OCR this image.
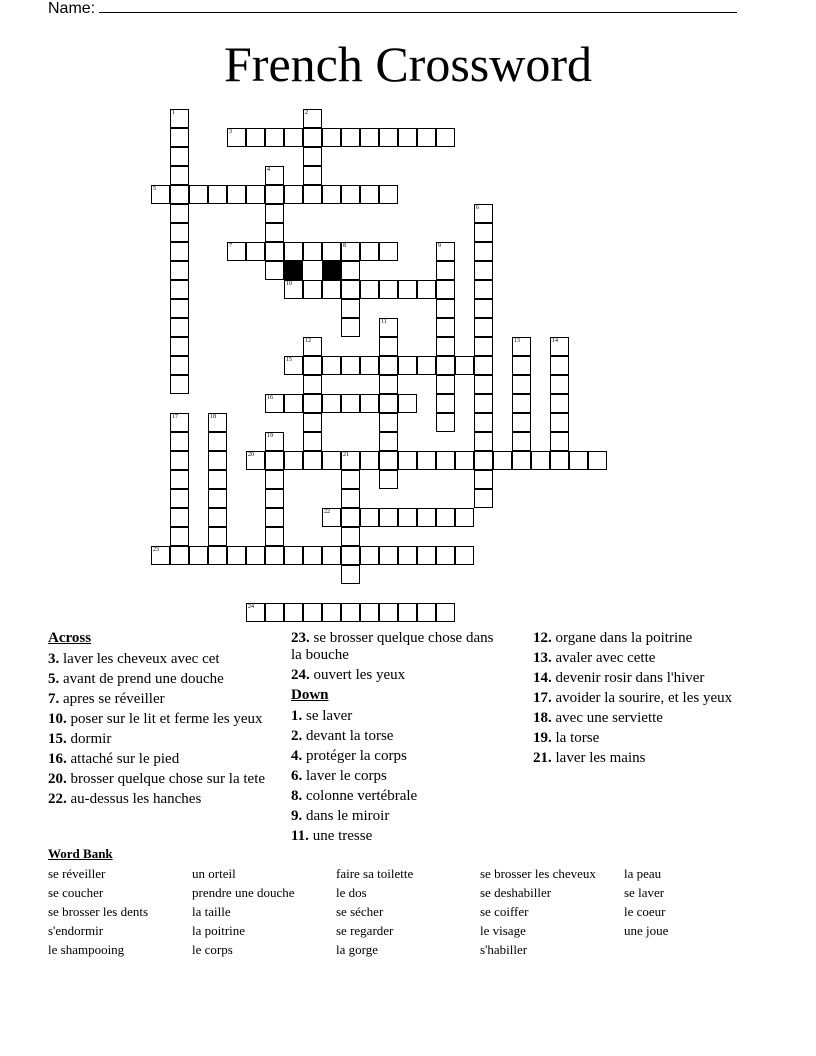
Name:
French Crossword
3
5
7	8
10
15
16
20	21
22
23
24
1	2
4
6
9
11
12	13	14
17	18
19
Across
3. laver les cheveux avec cet
5. avant de prend une douche
7. apres se réveiller
10. poser sur le lit et ferme les yeux
15. dormir
16. attaché sur le pied
20. brosser quelque chose sur la tete
22. au-dessus les hanches
23. se brosser quelque chose dans la bouche
24. ouvert les yeux
Down
1. se laver
2. devant la torse
4. protéger la corps
6. laver le corps
8. colonne vertébrale
9. dans le miroir
11. une tresse
12. organe dans la poitrine
13. avaler avec cette
14. devenir rosir dans l'hiver
17. avoider la sourire, et les yeux
18. avec une serviette
19. la torse
21. laver les mains
Word Bank
se réveiller
se coucher
se brosser les dents
s'endormir
le shampooing
un orteil
prendre une douche
la taille
la poitrine
le corps
faire sa toilette
le dos
se sécher
se regarder
la gorge
se brosser les cheveux
se deshabiller
se coiffer
le visage
s'habiller
la peau
se laver
le coeur
une joue
